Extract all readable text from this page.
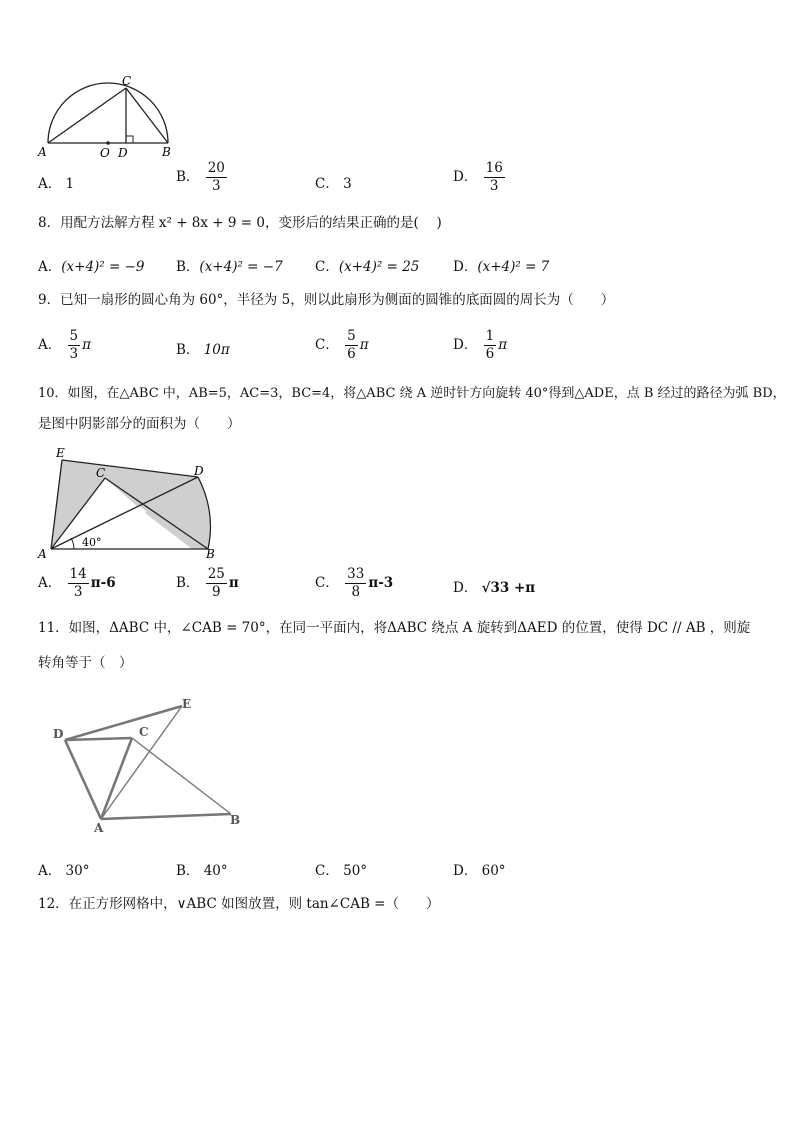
C
A	O D	B
A． 1	B． $\frac{20}{3}$	C． 3	D． $\frac{16}{3}$
8．用配方法解方程 x² + 8x + 9 = 0，变形后的结果正确的是(　 )
A．(x+4)² = −9 B．(x+4)² = −7 C．(x+4)² = 25 D．(x+4)² = 7
9．已知一扇形的圆心角为 60°，半径为 5，则以此扇形为侧面的圆锥的底面圆的周长为（　　）
A． $\frac{5}{3}$ π	B． 10π	C． $\frac{5}{6}$ π	D． $\frac{1}{6}$ π
10．如图，在△ABC 中，AB=5，AC=3，BC=4，将△ABC 绕 A 逆时针方向旋转 40°得到△ADE，点 B 经过的路径为弧 BD，
是图中阴影部分的面积为（　　）
E
C	D
A	B
40°
A． $\frac{14}{3} \pi-6$	B． $\frac{25}{9}$ π	C． $\frac{33}{8} \pi-3$	D． √33 +π
11．如图，ΔABC 中，∠CAB = 70°，在同一平面内，将ΔABC 绕点 A 旋转到ΔAED 的位置，使得 DC // AB ，则旋
转角等于（　）
E
D	C
A
B
A． 30°	B． 40°	C． 50°	D． 60°
12．在正方形网格中，∨ABC 如图放置，则 tan∠CAB =（　　）
